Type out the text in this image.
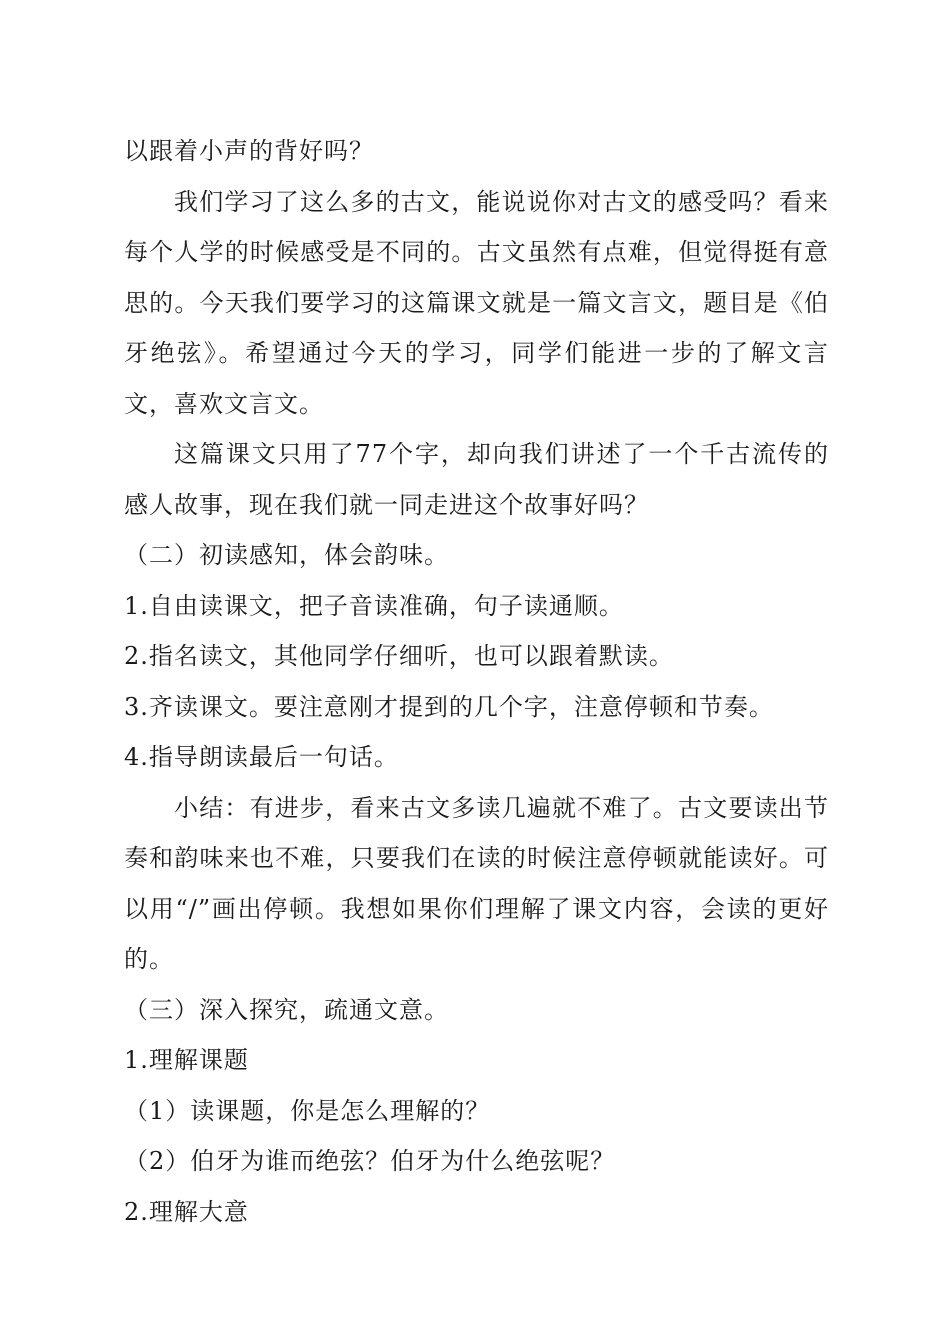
以跟着小声的背好吗？

我们学习了这么多的古文，能说说你对古文的感受吗？看来每个人学的时候感受是不同的。古文虽然有点难，但觉得挺有意思的。今天我们要学习的这篇课文就是一篇文言文，题目是《伯牙绝弦》。希望通过今天的学习，同学们能进一步的了解文言文，喜欢文言文。

这篇课文只用了77个字，却向我们讲述了一个千古流传的感人故事，现在我们就一同走进这个故事好吗？

（二）初读感知，体会韵味。

1.自由读课文，把子音读准确，句子读通顺。

2.指名读文，其他同学仔细听，也可以跟着默读。

3.齐读课文。要注意刚才提到的几个字，注意停顿和节奏。

4.指导朗读最后一句话。

小结：有进步，看来古文多读几遍就不难了。古文要读出节奏和韵味来也不难，只要我们在读的时候注意停顿就能读好。可以用“/”画出停顿。我想如果你们理解了课文内容，会读的更好的。

（三）深入探究，疏通文意。

1.理解课题

（1）读课题，你是怎么理解的？

（2）伯牙为谁而绝弦？伯牙为什么绝弦呢？

2.理解大意
